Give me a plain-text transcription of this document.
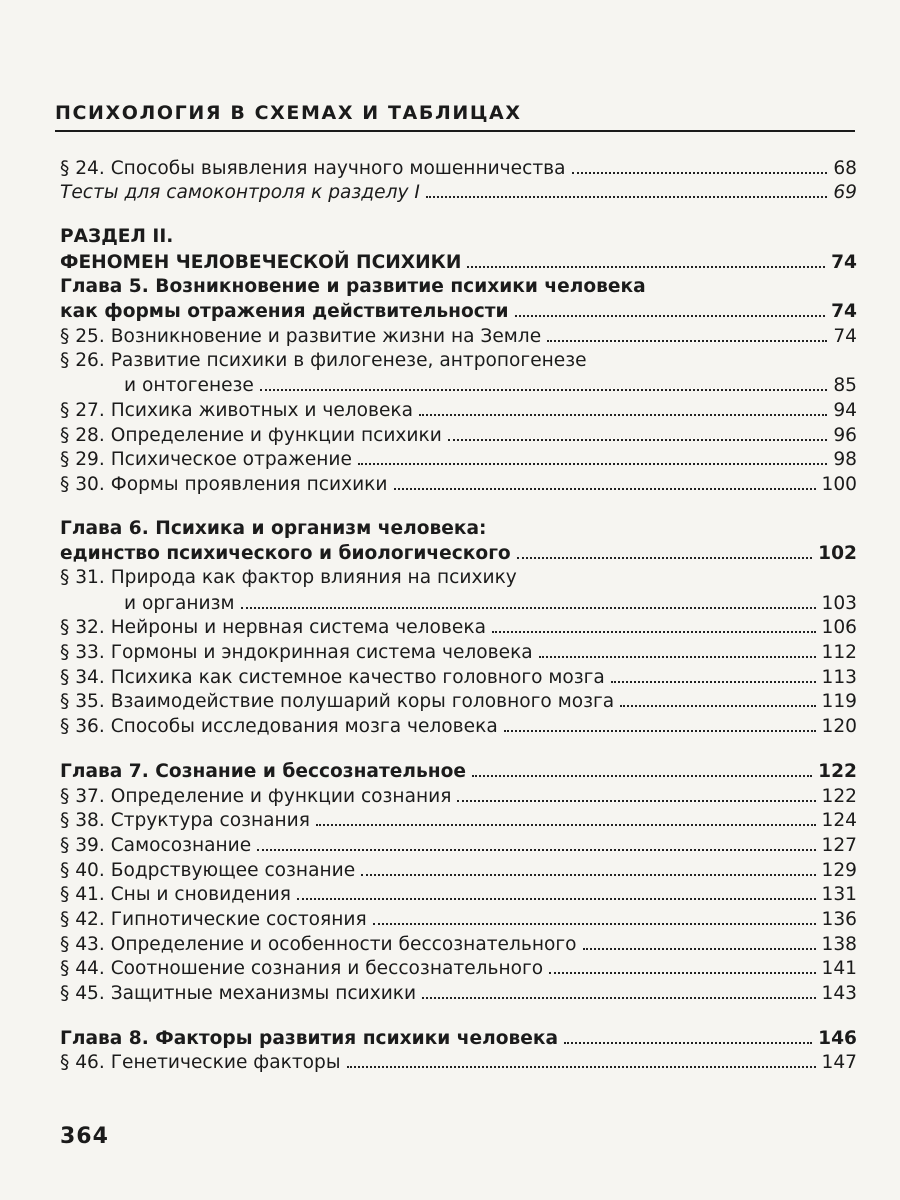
ПСИХОЛОГИЯ В СХЕМАХ И ТАБЛИЦАХ
§ 24. Способы выявления научного мошенничества	68
Тесты для самоконтроля к разделу I	69
РАЗДЕЛ II.
ФЕНОМЕН ЧЕЛОВЕЧЕСКОЙ ПСИХИКИ	74
Глава 5. Возникновение и развитие психики человека
как формы отражения действительности	74
§ 25. Возникновение и развитие жизни на Земле	74
§ 26. Развитие психики в филогенезе, антропогенезе
и онтогенезе	85
§ 27. Психика животных и человека	94
§ 28. Определение и функции психики	96
§ 29. Психическое отражение	98
§ 30. Формы проявления психики	100
Глава 6. Психика и организм человека:
единство психического и биологического	102
§ 31. Природа как фактор влияния на психику
и организм	103
§ 32. Нейроны и нервная система человека	106
§ 33. Гормоны и эндокринная система человека	112
§ 34. Психика как системное качество головного мозга	113
§ 35. Взаимодействие полушарий коры головного мозга	119
§ 36. Способы исследования мозга человека	120
Глава 7. Сознание и бессознательное	122
§ 37. Определение и функции сознания	122
§ 38. Структура сознания	124
§ 39. Самосознание	127
§ 40. Бодрствующее сознание	129
§ 41. Сны и сновидения	131
§ 42. Гипнотические состояния	136
§ 43. Определение и особенности бессознательного	138
§ 44. Соотношение сознания и бессознательного	141
§ 45. Защитные механизмы психики	143
Глава 8. Факторы развития психики человека	146
§ 46. Генетические факторы	147
364
